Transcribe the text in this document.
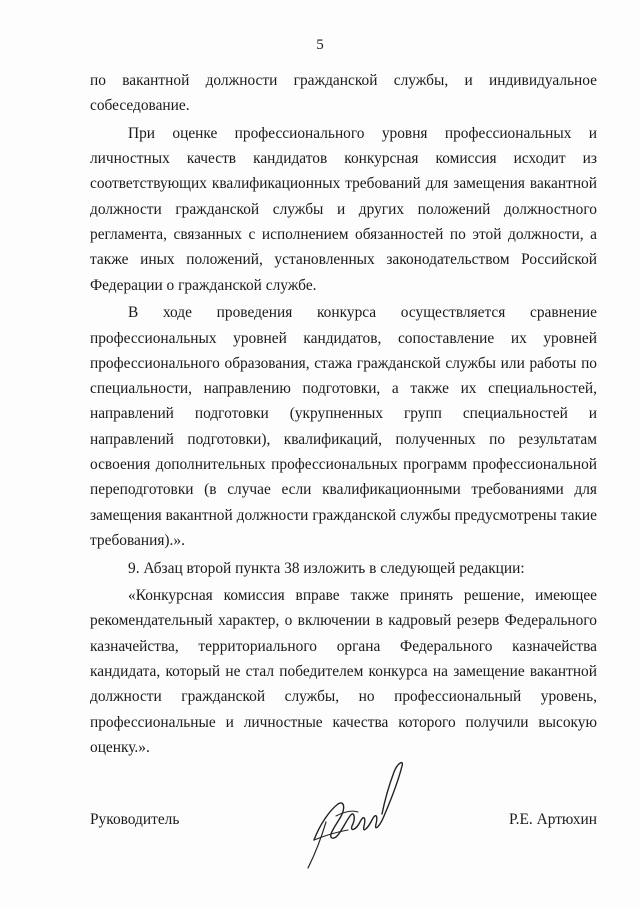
5

по вакантной должности гражданской службы, и индивидуальное собеседование.

При оценке профессионального уровня профессиональных и личностных качеств кандидатов конкурсная комиссия исходит из соответствующих квалификационных требований для замещения вакантной должности гражданской службы и других положений должностного регламента, связанных с исполнением обязанностей по этой должности, а также иных положений, установленных законодательством Российской Федерации о гражданской службе.

В ходе проведения конкурса осуществляется сравнение профессиональных уровней кандидатов, сопоставление их уровней профессионального образования, стажа гражданской службы или работы по специальности, направлению подготовки, а также их специальностей, направлений подготовки (укрупненных групп специальностей и направлений подготовки), квалификаций, полученных по результатам освоения дополнительных профессиональных программ профессиональной переподготовки (в случае если квалификационными требованиями для замещения вакантной должности гражданской службы предусмотрены такие требования).».

9. Абзац второй пункта 38 изложить в следующей редакции:

«Конкурсная комиссия вправе также принять решение, имеющее рекомендательный характер, о включении в кадровый резерв Федерального казначейства, территориального органа Федерального казначейства кандидата, который не стал победителем конкурса на замещение вакантной должности гражданской службы, но профессиональный уровень, профессиональные и личностные качества которого получили высокую оценку.».

Руководитель	Р.Е. Артюхин
